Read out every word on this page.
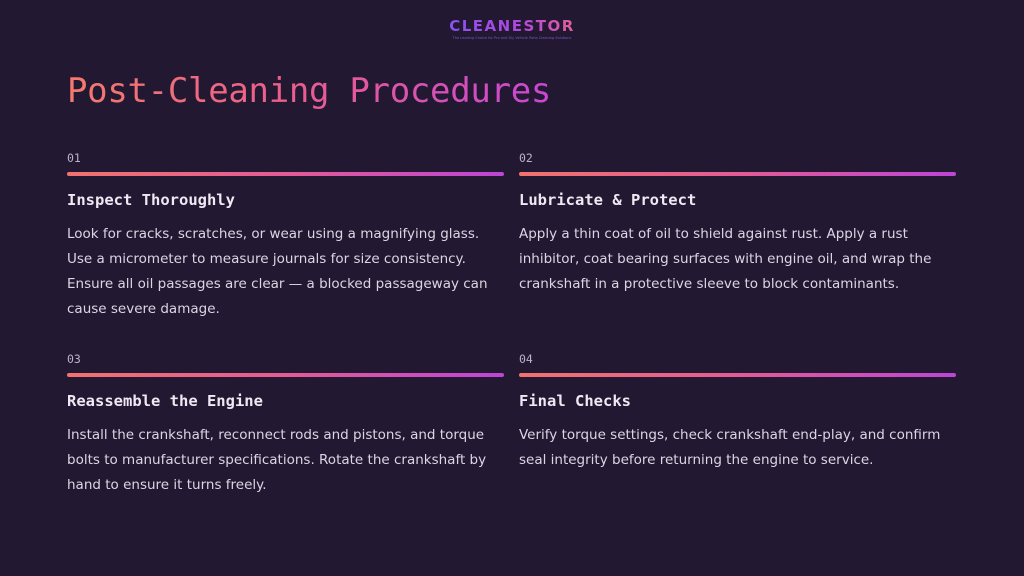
CLEANESTOR
The Leading Choice for Pro and Diy Vehicle Parts Cleaning Solutions
Post-Cleaning Procedures
01
Inspect Thoroughly
Look for cracks, scratches, or wear using a magnifying glass. Use a micrometer to measure journals for size consistency. Ensure all oil passages are clear — a blocked passageway can cause severe damage.
02
Lubricate & Protect
Apply a thin coat of oil to shield against rust. Apply a rust inhibitor, coat bearing surfaces with engine oil, and wrap the crankshaft in a protective sleeve to block contaminants.
03
Reassemble the Engine
Install the crankshaft, reconnect rods and pistons, and torque bolts to manufacturer specifications. Rotate the crankshaft by hand to ensure it turns freely.
04
Final Checks
Verify torque settings, check crankshaft end-play, and confirm seal integrity before returning the engine to service.
